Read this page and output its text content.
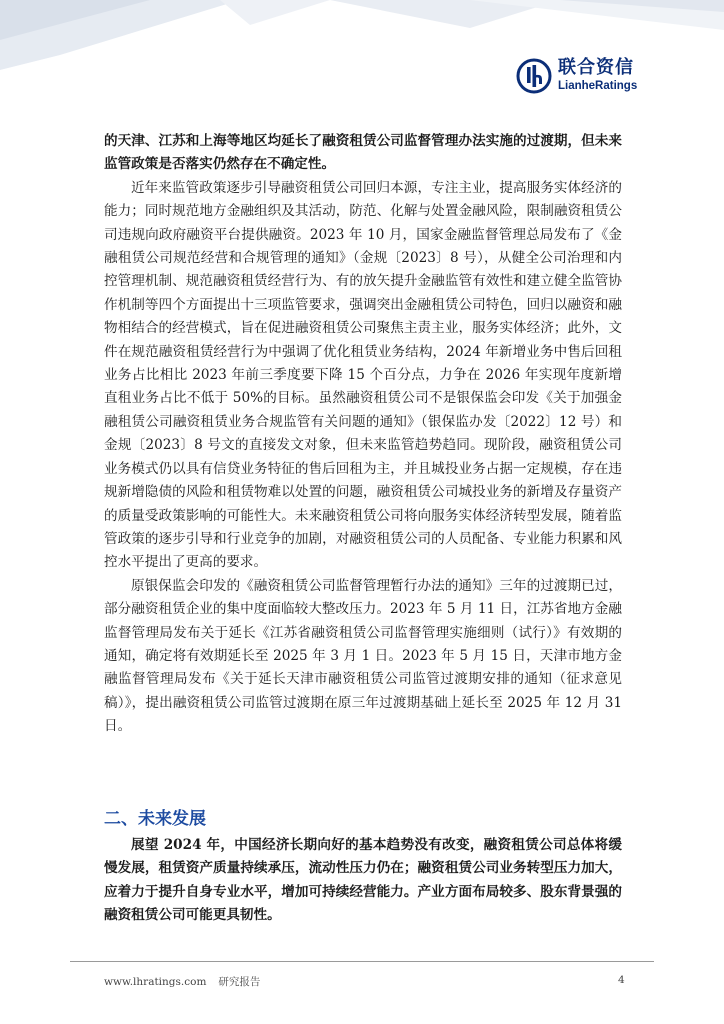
联合资信
LianheRatings

的天津、江苏和上海等地区均延长了融资租赁公司监督管理办法实施的过渡期，但未来监管政策是否落实仍然存在不确定性。

近年来监管政策逐步引导融资租赁公司回归本源，专注主业，提高服务实体经济的能力；同时规范地方金融组织及其活动，防范、化解与处置金融风险，限制融资租赁公司违规向政府融资平台提供融资。2023 年 10 月，国家金融监督管理总局发布了《金融租赁公司规范经营和合规管理的通知》（金规〔2023〕8 号），从健全公司治理和内控管理机制、规范融资租赁经营行为、有的放矢提升金融监管有效性和建立健全监管协作机制等四个方面提出十三项监管要求，强调突出金融租赁公司特色，回归以融资和融物相结合的经营模式，旨在促进融资租赁公司聚焦主责主业，服务实体经济；此外，文件在规范融资租赁经营行为中强调了优化租赁业务结构，2024 年新增业务中售后回租业务占比相比 2023 年前三季度要下降 15 个百分点，力争在 2026 年实现年度新增直租业务占比不低于 50%的目标。虽然融资租赁公司不是银保监会印发《关于加强金融租赁公司融资租赁业务合规监管有关问题的通知》（银保监办发〔2022〕12 号）和金规〔2023〕8 号文的直接发文对象，但未来监管趋势趋同。现阶段，融资租赁公司业务模式仍以具有信贷业务特征的售后回租为主，并且城投业务占据一定规模，存在违规新增隐债的风险和租赁物难以处置的问题，融资租赁公司城投业务的新增及存量资产的质量受政策影响的可能性大。未来融资租赁公司将向服务实体经济转型发展，随着监管政策的逐步引导和行业竞争的加剧，对融资租赁公司的人员配备、专业能力积累和风控水平提出了更高的要求。

原银保监会印发的《融资租赁公司监督管理暂行办法的通知》三年的过渡期已过，部分融资租赁企业的集中度面临较大整改压力。2023 年 5 月 11 日，江苏省地方金融监督管理局发布关于延长《江苏省融资租赁公司监督管理实施细则（试行）》有效期的通知，确定将有效期延长至 2025 年 3 月 1 日。2023 年 5 月 15 日，天津市地方金融监督管理局发布《关于延长天津市融资租赁公司监管过渡期安排的通知（征求意见稿）》，提出融资租赁公司监管过渡期在原三年过渡期基础上延长至 2025 年 12 月 31 日。

二、未来发展

展望 2024 年，中国经济长期向好的基本趋势没有改变，融资租赁公司总体将缓慢发展，租赁资产质量持续承压，流动性压力仍在；融资租赁公司业务转型压力加大，应着力于提升自身专业水平，增加可持续经营能力。产业方面布局较多、股东背景强的融资租赁公司可能更具韧性。

www.lhratings.com 研究报告	4
